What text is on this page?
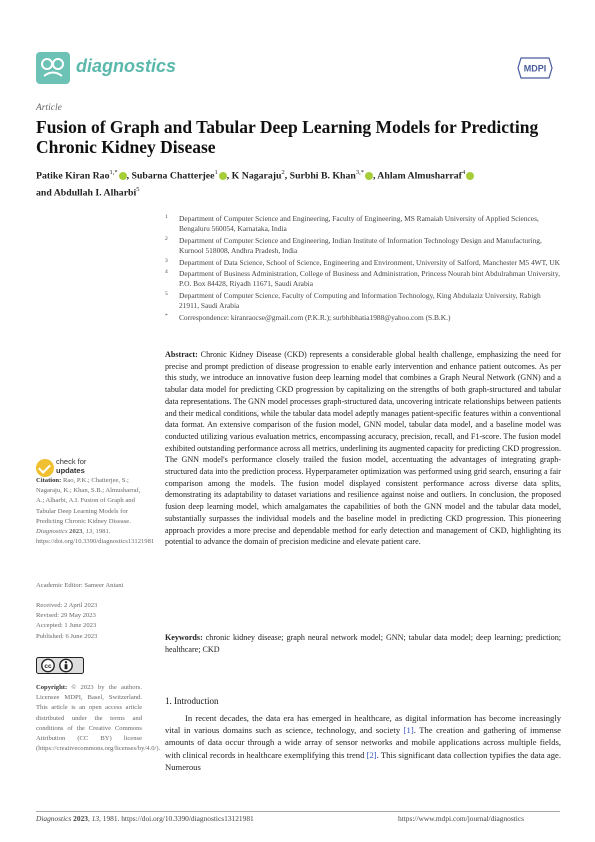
diagnostics	MDPI
Article
Fusion of Graph and Tabular Deep Learning Models for Predicting Chronic Kidney Disease
Patike Kiran Rao$^{1,*}$ , Subarna Chatterjee$^1$ , K Nagaraju$^2$, Surbhi B. Khan$^{3,*}$ , Ahlam Almusharraf$^4$
and Abdullah I. Alharbi$^5$
1 Department of Computer Science and Engineering, Faculty of Engineering, MS Ramaiah University of Applied Sciences, Bengaluru 560054, Karnataka, India
2 Department of Computer Science and Engineering, Indian Institute of Information Technology Design and Manufacturing, Kurnool 518008, Andhra Pradesh, India
3 Department of Data Science, School of Science, Engineering and Environment, University of Salford, Manchester M5 4WT, UK
4 Department of Business Administration, College of Business and Administration, Princess Nourah bint Abdulrahman University, P.O. Box 84428, Riyadh 11671, Saudi Arabia
5 Department of Computer Science, Faculty of Computing and Information Technology, King Abdulaziz University, Rabigh 21911, Saudi Arabia
* Correspondence: kiranraocse@gmail.com (P.K.R.); surbhibhatia1988@yahoo.com (S.B.K.)
Abstract: Chronic Kidney Disease (CKD) represents a considerable global health challenge, emphasizing the need for precise and prompt prediction of disease progression to enable early intervention and enhance patient outcomes. As per this study, we introduce an innovative fusion deep learning model that combines a Graph Neural Network (GNN) and a tabular data model for predicting CKD progression by capitalizing on the strengths of both graph-structured and tabular data representations. The GNN model processes graph-structured data, uncovering intricate relationships between patients and their medical conditions, while the tabular data model adeptly manages patient-specific features within a conventional data format. An extensive comparison of the fusion model, GNN model, tabular data model, and a baseline model was conducted utilizing various evaluation metrics, encompassing accuracy, precision, recall, and F1-score. The fusion model exhibited outstanding performance across all metrics, underlining its augmented capacity for predicting CKD progression. The GNN model's performance closely trailed the fusion model, accentuating the advantages of integrating graph-structured data into the prediction process. Hyperparameter optimization was performed using grid search, ensuring a fair comparison among the models. The fusion model displayed consistent performance across diverse data splits, demonstrating its adaptability to dataset variations and resilience against noise and outliers. In conclusion, the proposed fusion deep learning model, which amalgamates the capabilities of both the GNN model and the tabular data model, substantially surpasses the individual models and the baseline model in predicting CKD progression. This pioneering approach provides a more precise and dependable method for early detection and management of CKD, highlighting its potential to advance the domain of precision medicine and elevate patient care.
Keywords: chronic kidney disease; graph neural network model; GNN; tabular data model; deep learning; prediction; healthcare; CKD
check for
updates
Citation: Rao, P.K.; Chatterjee, S.; Nagaraju, K.; Khan, S.B.; Almusharraf, A.; Alharbi, A.I. Fusion of Graph and Tabular Deep Learning Models for Predicting Chronic Kidney Disease. Diagnostics 2023, 13, 1981. https://doi.org/10.3390/diagnostics13121981
Academic Editor: Sameer Antani
Received: 2 April 2023
Revised: 29 May 2023
Accepted: 1 June 2023
Published: 6 June 2023
cc
Copyright: © 2023 by the authors. Licensee MDPI, Basel, Switzerland. This article is an open access article distributed under the terms and conditions of the Creative Commons Attribution (CC BY) license (https://creativecommons.org/licenses/by/4.0/).
1. Introduction
In recent decades, the data era has emerged in healthcare, as digital information has become increasingly vital in various domains such as science, technology, and society [1]. The creation and gathering of immense amounts of data occur through a wide array of sensor networks and mobile applications across multiple fields, with clinical records in healthcare exemplifying this trend [2]. This significant data collection typifies the data age. Numerous
Diagnostics 2023, 13, 1981. https://doi.org/10.3390/diagnostics13121981	https://www.mdpi.com/journal/diagnostics
